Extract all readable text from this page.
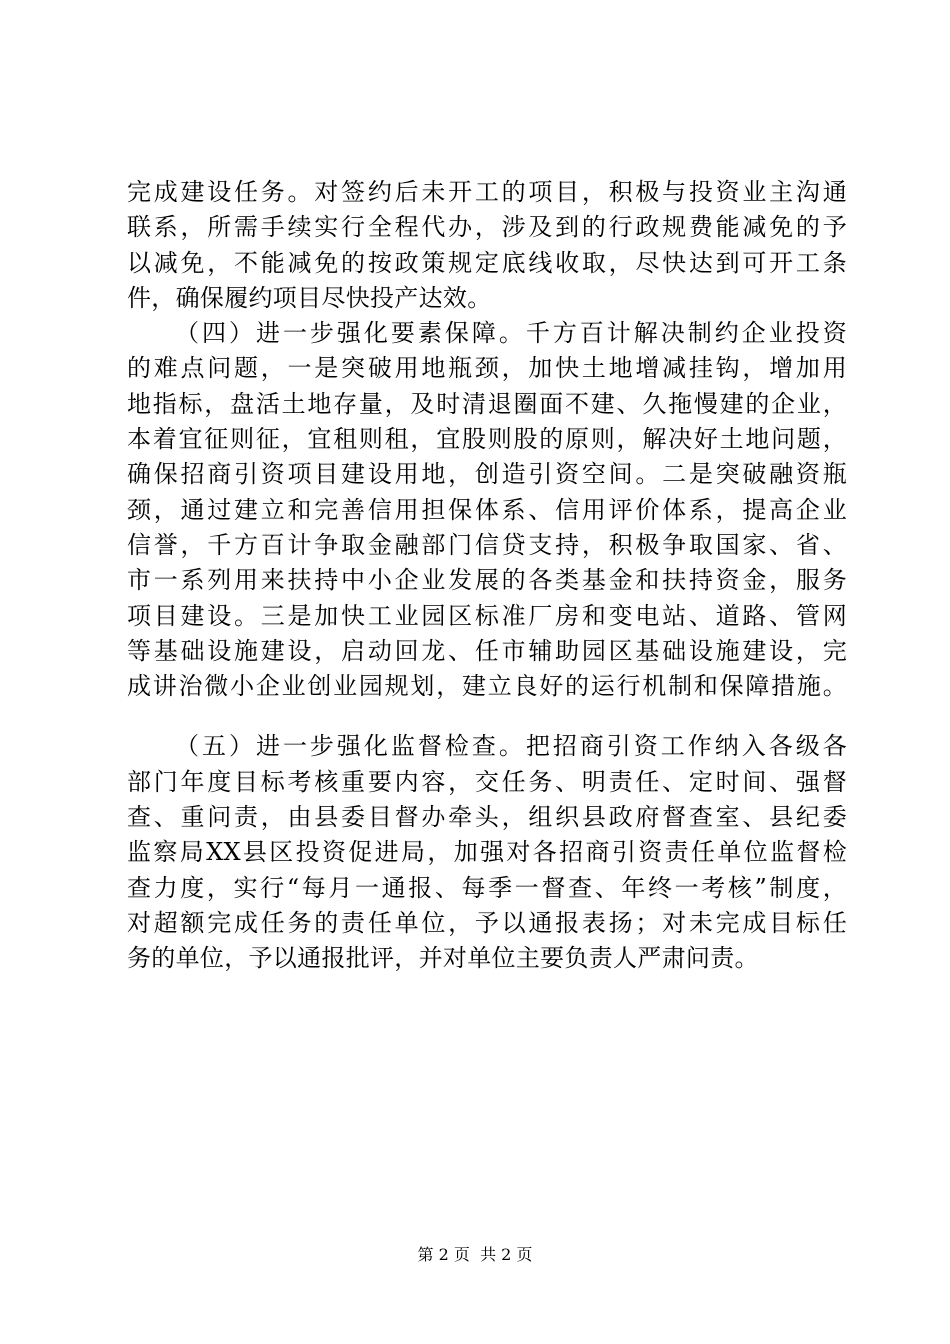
完成建设任务。对签约后未开工的项目，积极与投资业主沟通
联系，所需手续实行全程代办，涉及到的行政规费能减免的予
以减免，不能减免的按政策规定底线收取，尽快达到可开工条
件，确保履约项目尽快投产达效。
（四）进一步强化要素保障。千方百计解决制约企业投资
的难点问题，一是突破用地瓶颈，加快土地增减挂钩，增加用
地指标，盘活土地存量，及时清退圈面不建、久拖慢建的企业，
本着宜征则征，宜租则租，宜股则股的原则，解决好土地问题，
确保招商引资项目建设用地，创造引资空间。二是突破融资瓶
颈，通过建立和完善信用担保体系、信用评价体系，提高企业
信誉，千方百计争取金融部门信贷支持，积极争取国家、省、
市一系列用来扶持中小企业发展的各类基金和扶持资金，服务
项目建设。三是加快工业园区标准厂房和变电站、道路、管网
等基础设施建设，启动回龙、任市辅助园区基础设施建设，完
成讲治微小企业创业园规划，建立良好的运行机制和保障措施。
（五）进一步强化监督检查。把招商引资工作纳入各级各
部门年度目标考核重要内容，交任务、明责任、定时间、强督
查、重问责，由县委目督办牵头，组织县政府督查室、县纪委
监察局XX县区投资促进局，加强对各招商引资责任单位监督检
查力度，实行“每月一通报、每季一督查、年终一考核”制度，
对超额完成任务的责任单位，予以通报表扬；对未完成目标任
务的单位，予以通报批评，并对单位主要负责人严肃问责。
第 2 页  共 2 页
